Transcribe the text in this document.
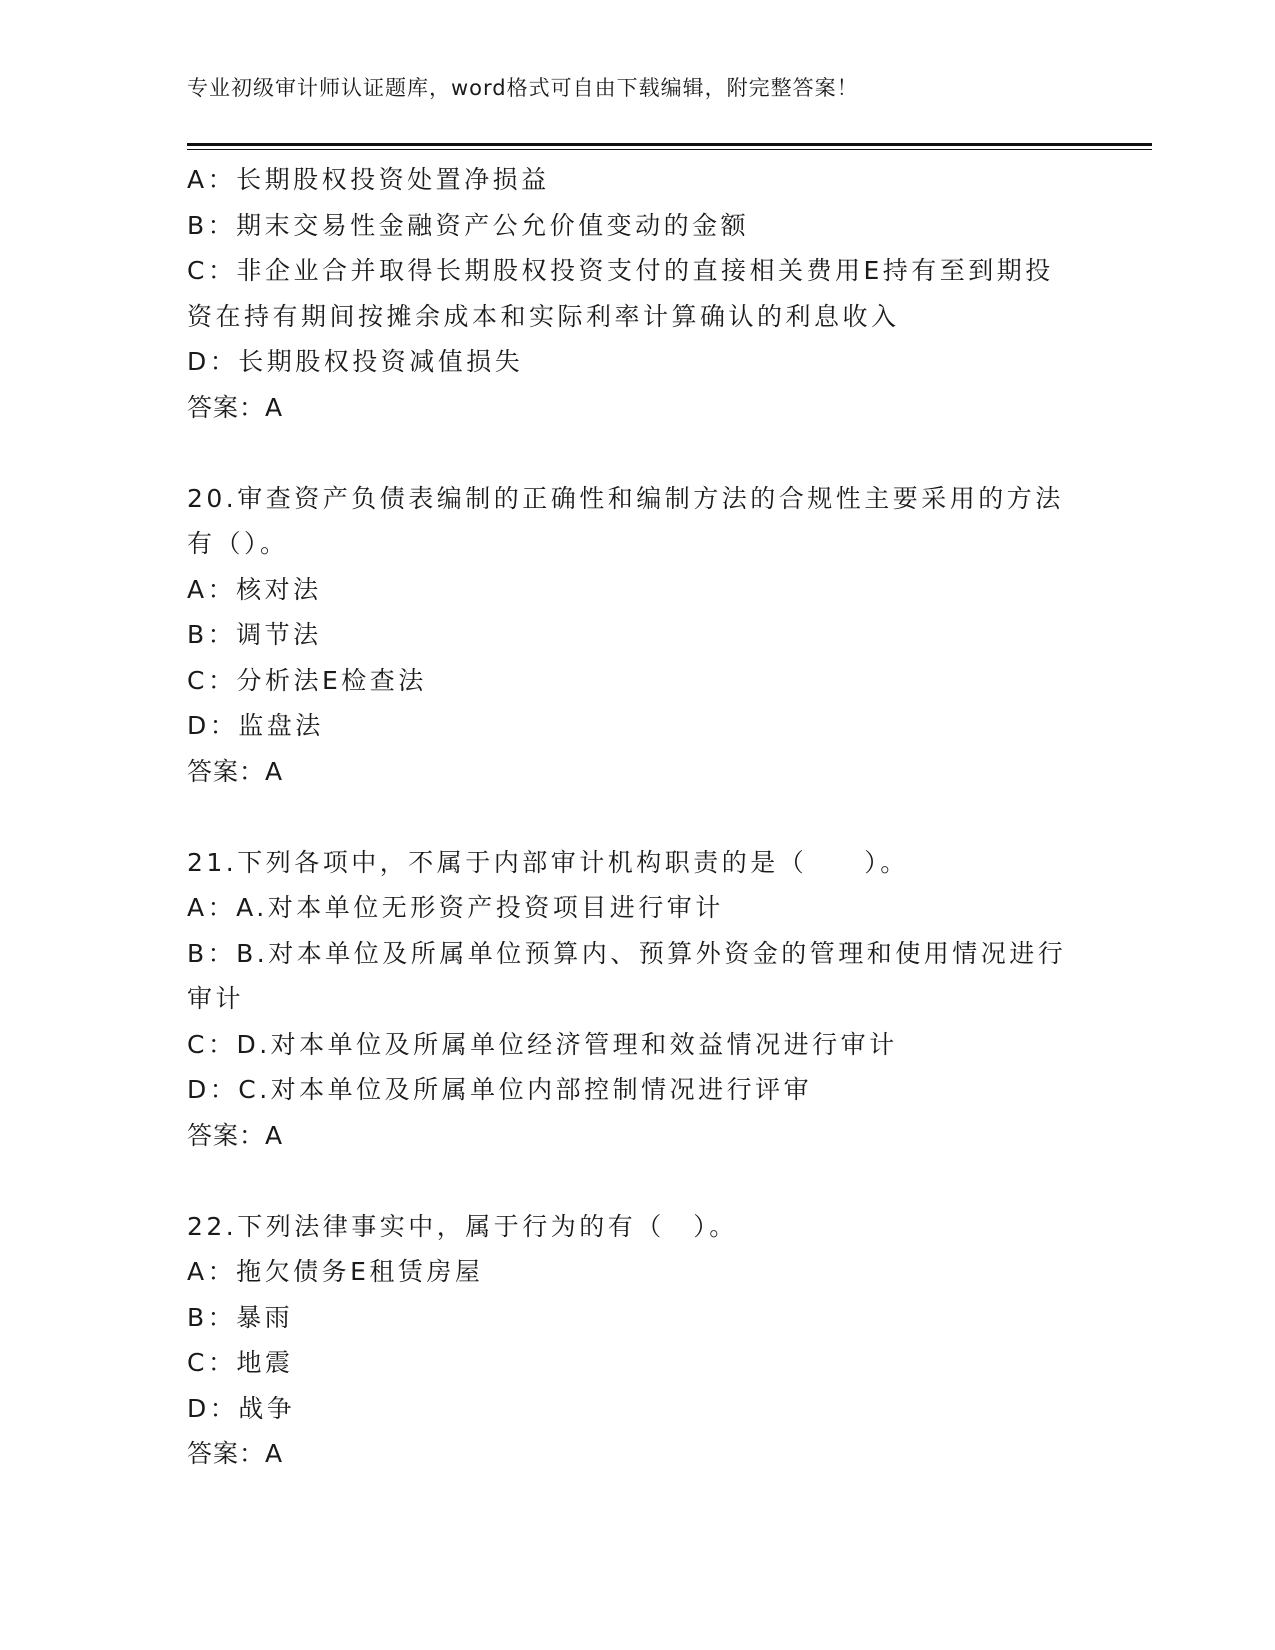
专业初级审计师认证题库，word格式可自由下载编辑，附完整答案！
A：长期股权投资处置净损益
B：期末交易性金融资产公允价值变动的金额
C：非企业合并取得长期股权投资支付的直接相关费用E持有至到期投
资在持有期间按摊余成本和实际利率计算确认的利息收入
D：长期股权投资减值损失
答案：A
20.审查资产负债表编制的正确性和编制方法的合规性主要采用的方法
有（）。
A：核对法
B：调节法
C：分析法E检查法
D：监盘法
答案：A
21.下列各项中，不属于内部审计机构职责的是（　　）。
A：A.对本单位无形资产投资项目进行审计
B：B.对本单位及所属单位预算内、预算外资金的管理和使用情况进行
审计
C：D.对本单位及所属单位经济管理和效益情况进行审计
D：C.对本单位及所属单位内部控制情况进行评审
答案：A
22.下列法律事实中，属于行为的有（　）。
A：拖欠债务E租赁房屋
B：暴雨
C：地震
D：战争
答案：A
